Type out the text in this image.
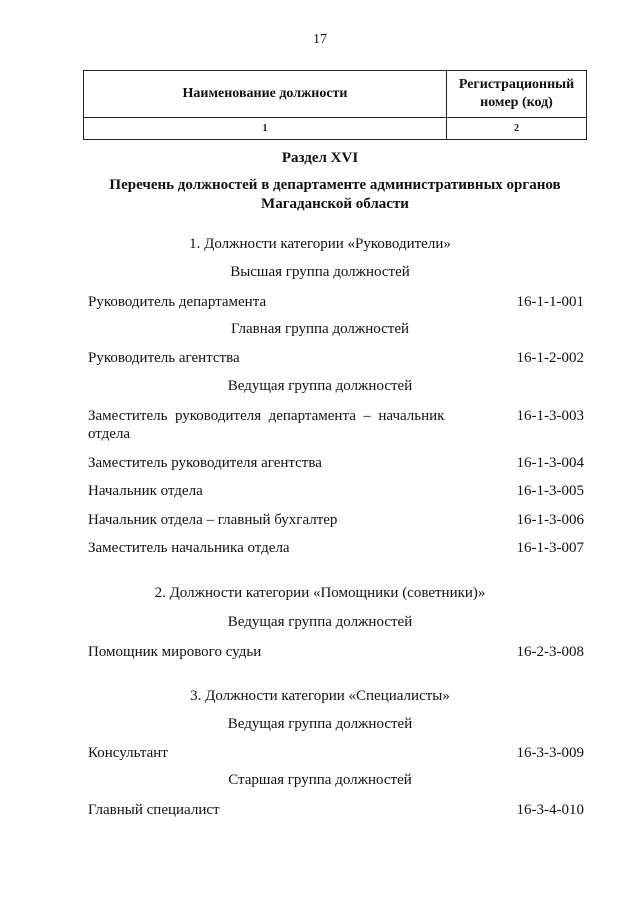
17
Наименование должности	Регистрационный
номер (код)

1	2
Раздел XVI
Перечень должностей в департаменте административных органов
Магаданской области
1. Должности категории «Руководители»
Высшая группа должностей
Руководитель департамента	16-1-1-001
Главная группа должностей
Руководитель агентства	16-1-2-002
Ведущая группа должностей
Заместитель  руководителя  департамента  –  начальник
отдела
16-1-3-003
Заместитель руководителя агентства	16-1-3-004
Начальник отдела	16-1-3-005
Начальник отдела – главный бухгалтер	16-1-3-006
Заместитель начальника отдела	16-1-3-007
2. Должности категории «Помощники (советники)»
Ведущая группа должностей
Помощник мирового судьи	16-2-3-008
3. Должности категории «Специалисты»
Ведущая группа должностей
Консультант	16-3-3-009
Старшая группа должностей
Главный специалист	16-3-4-010
